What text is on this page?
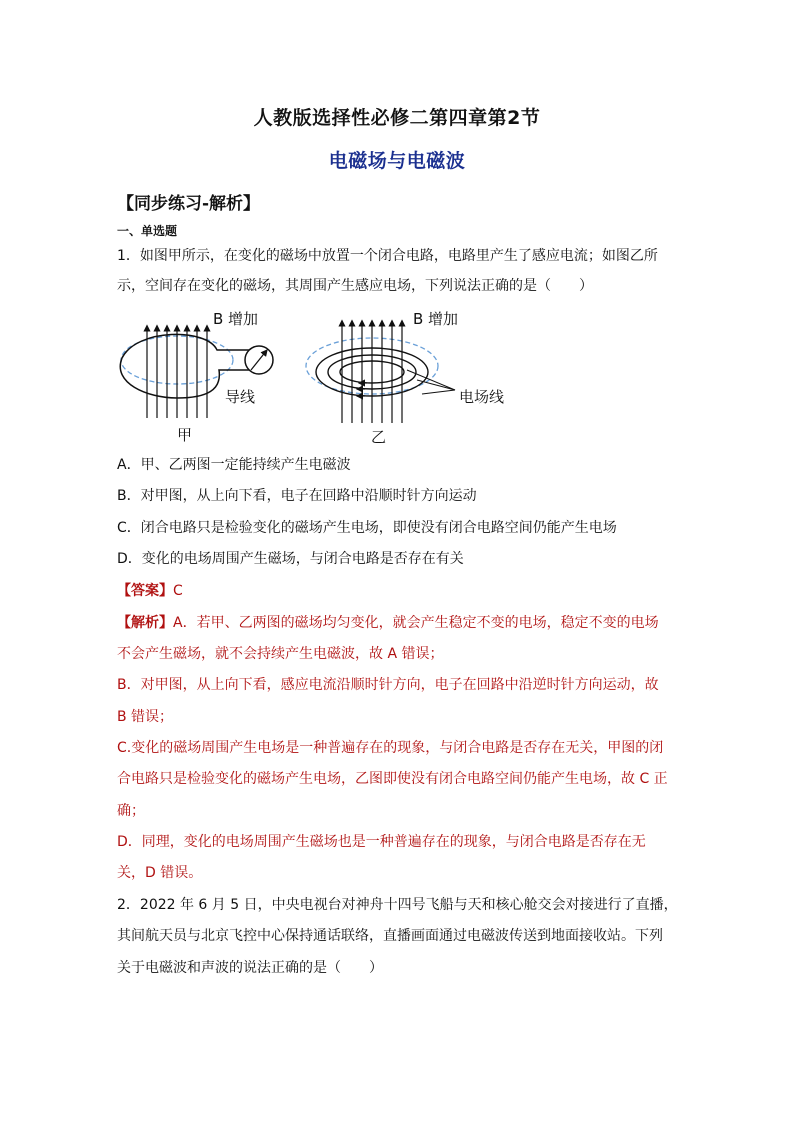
人教版选择性必修二第四章第2节
电磁场与电磁波
【同步练习-解析】
一、单选题
1．如图甲所示，在变化的磁场中放置一个闭合电路，电路里产生了感应电流；如图乙所
示，空间存在变化的磁场，其周围产生感应电场，下列说法正确的是（　　）
B 增加
导线
甲
B 增加
电场线
乙
A．甲、乙两图一定能持续产生电磁波
B．对甲图，从上向下看，电子在回路中沿顺时针方向运动
C．闭合电路只是检验变化的磁场产生电场，即使没有闭合电路空间仍能产生电场
D．变化的电场周围产生磁场，与闭合电路是否存在有关
【答案】C
【解析】A．若甲、乙两图的磁场均匀变化，就会产生稳定不变的电场，稳定不变的电场
不会产生磁场，就不会持续产生电磁波，故 A 错误；
B．对甲图，从上向下看，感应电流沿顺时针方向，电子在回路中沿逆时针方向运动，故
B 错误；
C.变化的磁场周围产生电场是一种普遍存在的现象，与闭合电路是否存在无关，甲图的闭
合电路只是检验变化的磁场产生电场，乙图即使没有闭合电路空间仍能产生电场，故 C 正
确；
D．同理，变化的电场周围产生磁场也是一种普遍存在的现象，与闭合电路是否存在无
关，D 错误。
2．2022 年 6 月 5 日，中央电视台对神舟十四号飞船与天和核心舱交会对接进行了直播，
其间航天员与北京飞控中心保持通话联络，直播画面通过电磁波传送到地面接收站。下列
关于电磁波和声波的说法正确的是（　　）
